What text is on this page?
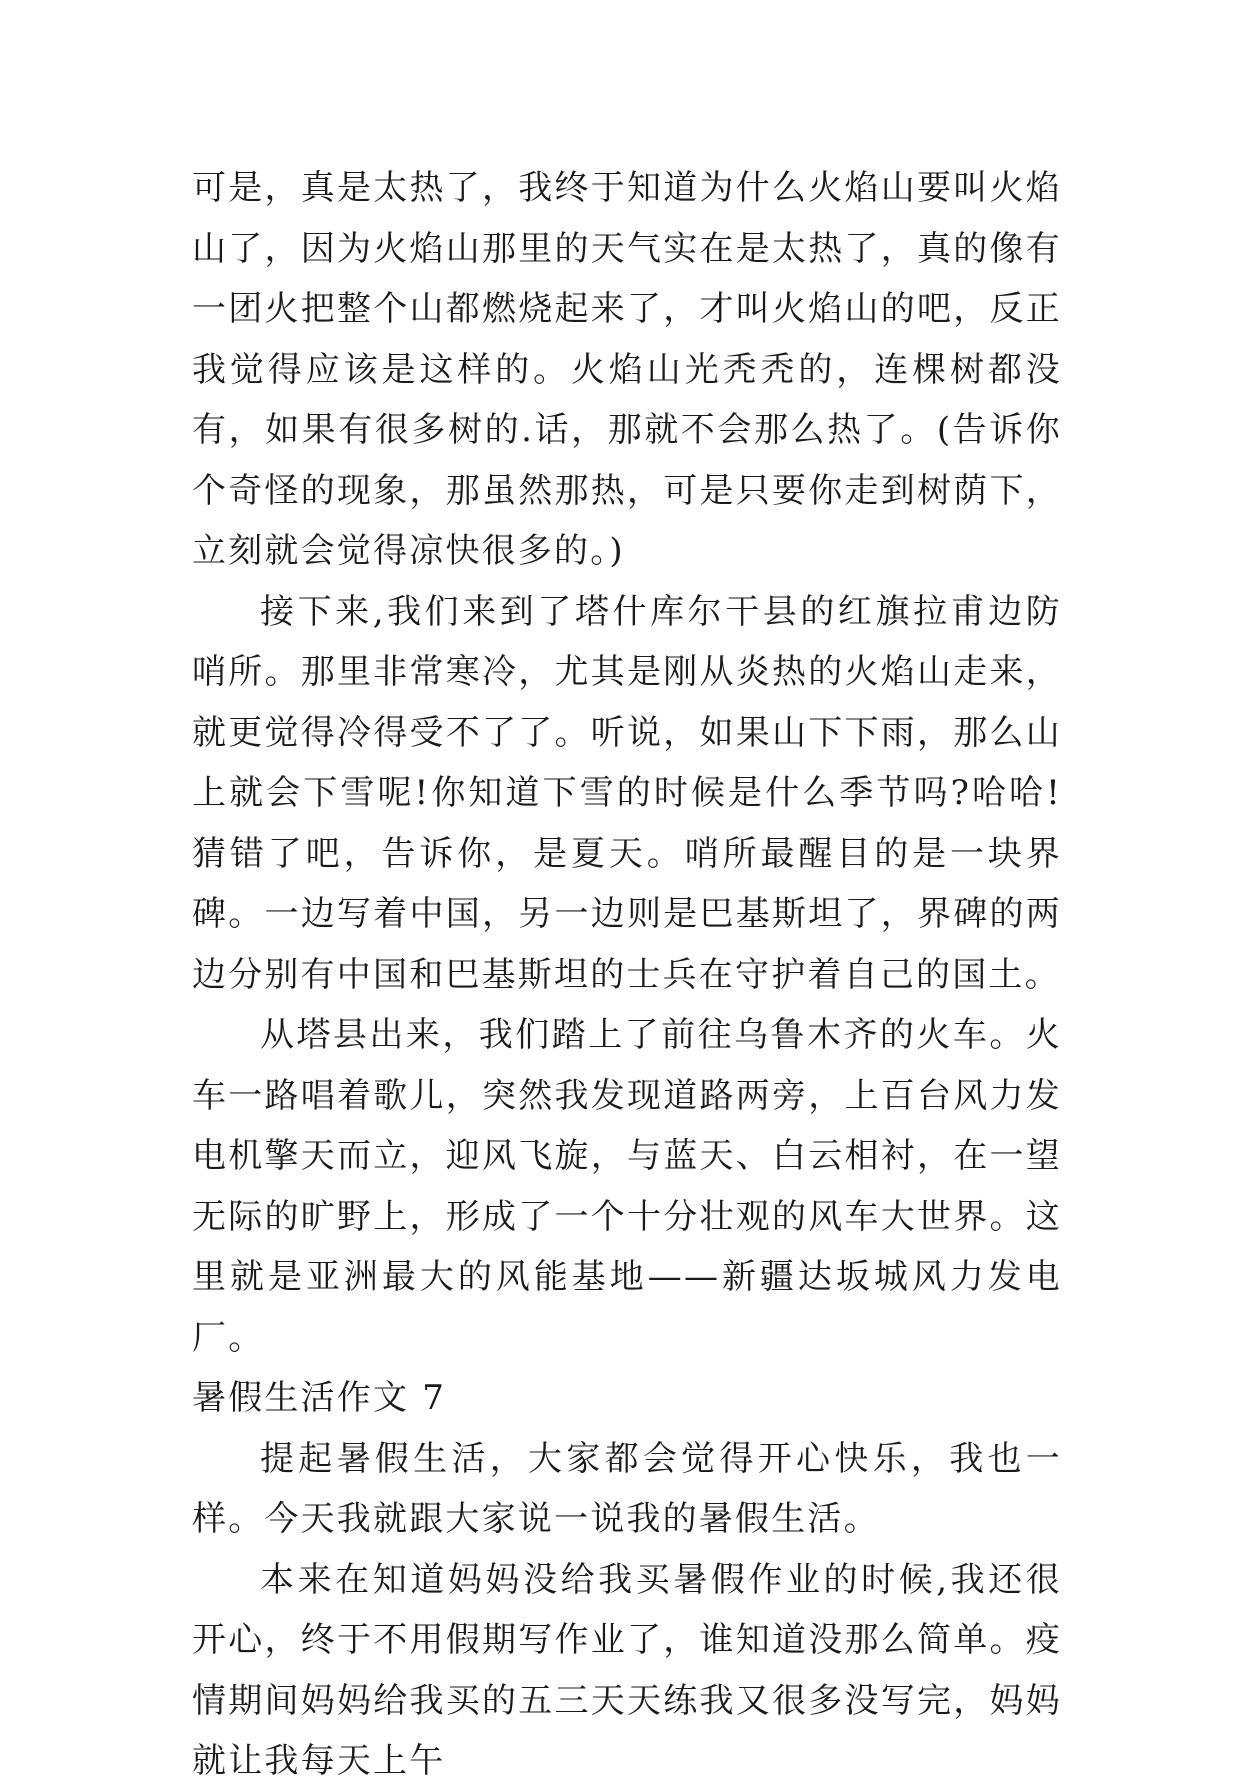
可是，真是太热了，我终于知道为什么火焰山要叫火焰山了，因为火焰山那里的天气实在是太热了，真的像有一团火把整个山都燃烧起来了，才叫火焰山的吧，反正我觉得应该是这样的。火焰山光秃秃的，连棵树都没有，如果有很多树的.话，那就不会那么热了。(告诉你个奇怪的现象，那虽然那热，可是只要你走到树荫下，立刻就会觉得凉快很多的。)

接下来,我们来到了塔什库尔干县的红旗拉甫边防哨所。那里非常寒冷，尤其是刚从炎热的火焰山走来，就更觉得冷得受不了了。听说，如果山下下雨，那么山上就会下雪呢!你知道下雪的时候是什么季节吗?哈哈!猜错了吧，告诉你，是夏天。哨所最醒目的是一块界碑。一边写着中国，另一边则是巴基斯坦了，界碑的两边分别有中国和巴基斯坦的士兵在守护着自己的国土。

从塔县出来，我们踏上了前往乌鲁木齐的火车。火车一路唱着歌儿，突然我发现道路两旁，上百台风力发电机擎天而立，迎风飞旋，与蓝天、白云相衬，在一望无际的旷野上，形成了一个十分壮观的风车大世界。这里就是亚洲最大的风能基地——新疆达坂城风力发电厂。

暑假生活作文 7

提起暑假生活，大家都会觉得开心快乐，我也一样。今天我就跟大家说一说我的暑假生活。

本来在知道妈妈没给我买暑假作业的时候,我还很开心，终于不用假期写作业了，谁知道没那么简单。疫情期间妈妈给我买的五三天天练我又很多没写完，妈妈就让我每天上午
